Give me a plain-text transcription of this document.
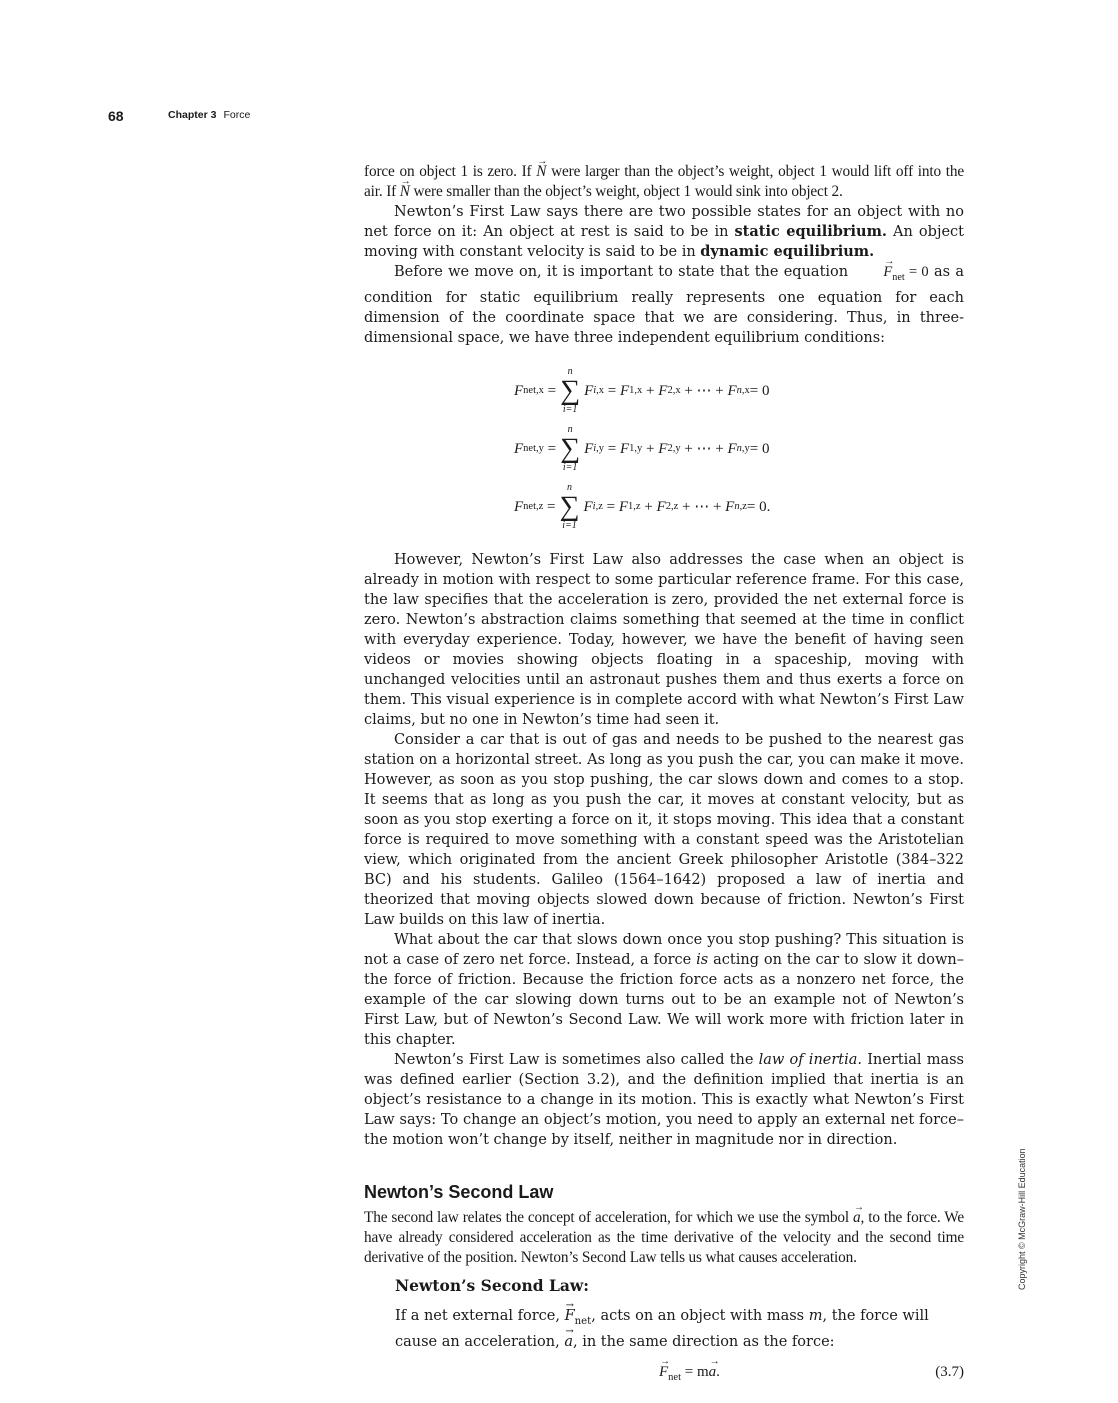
68	Chapter 3 Force

force on object 1 is zero. If → N were larger than the object’s weight, object 1 would lift off into the air. If → N were smaller than the object’s weight, object 1 would sink into object 2.

Newton’s First Law says there are two possible states for an object with no net force on it: An object at rest is said to be in static equilibrium. An object moving with constant velocity is said to be in dynamic equilibrium.

Before we move on, it is important to state that the equation → $F_{net} = 0$ as a condition for static equilibrium really represents one equation for each dimension of the coordinate space that we are considering. Thus, in three-dimensional space, we have three independent equilibrium conditions:

F net,x =
n
∑
i=1
F i,x = F 1,x + F 2,x + ⋯ + F n,x = 0
F net,y =
n
∑
i=1
F i,y = F 1,y + F 2,y + ⋯ + F n,y = 0
F net,z =
n
∑
i=1
F i,z = F 1,z + F 2,z + ⋯ + F n,z = 0.

However, Newton’s First Law also addresses the case when an object is already in motion with respect to some particular reference frame. For this case, the law specifies that the acceleration is zero, provided the net external force is zero. Newton’s abstraction claims something that seemed at the time in conflict with everyday experience. Today, however, we have the benefit of having seen videos or movies showing objects floating in a spaceship, moving with unchanged velocities until an astronaut pushes them and thus exerts a force on them. This visual experience is in complete accord with what Newton’s First Law claims, but no one in Newton’s time had seen it.

Consider a car that is out of gas and needs to be pushed to the nearest gas station on a horizontal street. As long as you push the car, you can make it move. However, as soon as you stop pushing, the car slows down and comes to a stop. It seems that as long as you push the car, it moves at constant velocity, but as soon as you stop exerting a force on it, it stops moving. This idea that a constant force is required to move something with a constant speed was the Aristotelian view, which originated from the ancient Greek philosopher Aristotle (384–322 BC) and his students. Galileo (1564–1642) proposed a law of inertia and theorized that moving objects slowed down because of friction. Newton’s First Law builds on this law of inertia.

What about the car that slows down once you stop pushing? This situation is not a case of zero net force. Instead, a force is acting on the car to slow it down–the force of friction. Because the friction force acts as a nonzero net force, the example of the car slowing down turns out to be an example not of Newton’s First Law, but of Newton’s Second Law. We will work more with friction later in this chapter.

Newton’s First Law is sometimes also called the law of inertia. Inertial mass was defined earlier (Section 3.2), and the definition implied that inertia is an object’s resistance to a change in its motion. This is exactly what Newton’s First Law says: To change an object’s motion, you need to apply an external net force–the motion won’t change by itself, neither in magnitude nor in direction.

Newton’s Second Law

The second law relates the concept of acceleration, for which we use the symbol → a, to the force. We have already considered acceleration as the time derivative of the velocity and the second time derivative of the position. Newton’s Second Law tells us what causes acceleration.

Newton’s Second Law:

If a net external force, → $F_{net}$, acts on an object with mass m, the force will cause an acceleration, → a, in the same direction as the force:

→ $F_{net} = m\to a$.	(3.7)
Copyright © McGraw-Hill Education
